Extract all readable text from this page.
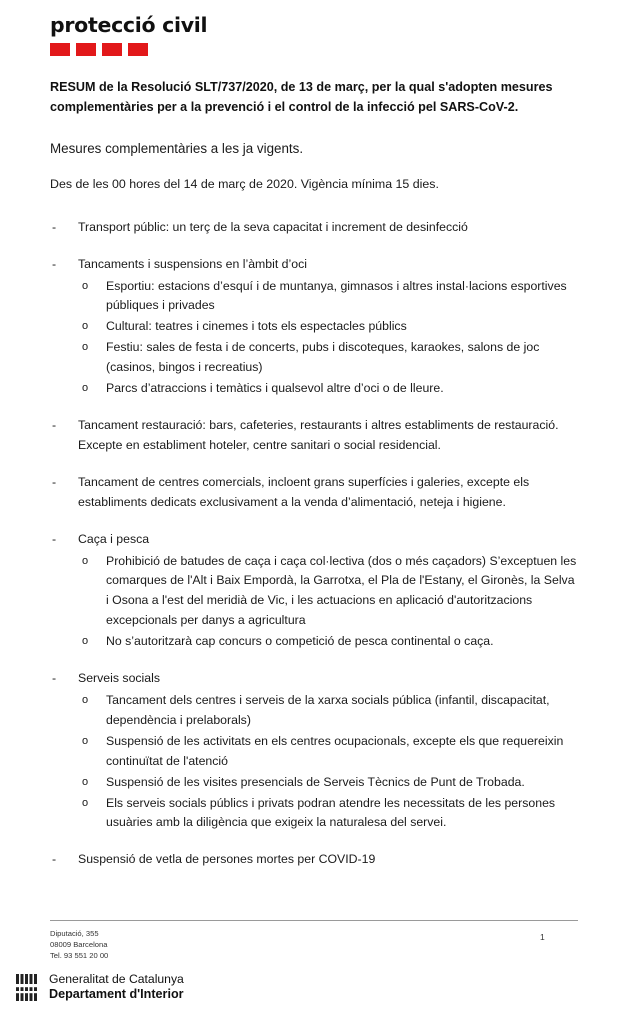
protecció civil

RESUM de la Resolució SLT/737/2020, de 13 de març, per la qual s'adopten mesures complementàries per a la prevenció i el control de la infecció pel SARS-CoV-2.

Mesures complementàries a les ja vigents.

Des de les 00 hores del 14 de març de 2020. Vigència mínima 15 dies.

- Transport públic: un terç de la seva capacitat i increment de desinfecció
- Tancaments i suspensions en l’àmbit d’oci
o Esportiu: estacions d’esquí i de muntanya, gimnasos i altres instal·lacions esportives públiques i privades
o Cultural: teatres i cinemes i tots els espectacles públics
o Festiu: sales de festa i de concerts, pubs i discoteques, karaokes, salons de joc (casinos, bingos i recreatius)
o Parcs d’atraccions i temàtics i qualsevol altre d’oci o de lleure.
- Tancament restauració: bars, cafeteries, restaurants i altres establiments de restauració. Excepte en establiment hoteler, centre sanitari o social residencial.
- Tancament de centres comercials, incloent grans superfícies i galeries, excepte els establiments dedicats exclusivament a la venda d’alimentació, neteja i higiene.
- Caça i pesca
o Prohibició de batudes de caça i caça col·lectiva (dos o més caçadors) S’exceptuen les comarques de l'Alt i Baix Empordà, la Garrotxa, el Pla de l'Estany, el Gironès, la Selva i Osona a l'est del meridià de Vic, i les actuacions en aplicació d'autoritzacions excepcionals per danys a agricultura
o No s’autoritzarà cap concurs o competició de pesca continental o caça.
- Serveis socials
o Tancament dels centres i serveis de la xarxa socials pública (infantil, discapacitat, dependència i prelaborals)
o Suspensió de les activitats en els centres ocupacionals, excepte els que requereixin continuïtat de l'atenció
o Suspensió de les visites presencials de Serveis Tècnics de Punt de Trobada.
o Els serveis socials públics i privats podran atendre les necessitats de les persones usuàries amb la diligència que exigeix la naturalesa del servei.
- Suspensió de vetla de persones mortes per COVID-19
Diputació, 355
08009 Barcelona
Tel. 93 551 20 00
1
Generalitat de Catalunya
Departament d'Interior
